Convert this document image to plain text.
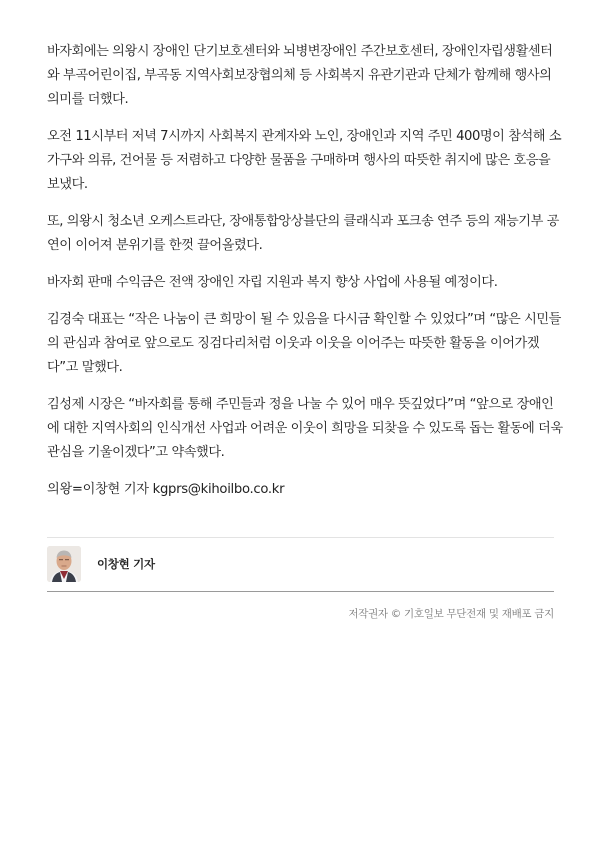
바자회에는 의왕시 장애인 단기보호센터와 뇌병변장애인 주간보호센터, 장애인자립생활센터
와 부곡어린이집, 부곡동 지역사회보장협의체 등 사회복지 유관기관과 단체가 함께해 행사의
의미를 더했다.

오전 11시부터 저녁 7시까지 사회복지 관계자와 노인, 장애인과 지역 주민 400명이 참석해 소
가구와 의류, 건어물 등 저렴하고 다양한 물품을 구매하며 행사의 따뜻한 취지에 많은 호응을
보냈다.

또, 의왕시 청소년 오케스트라단, 장애통합앙상블단의 클래식과 포크송 연주 등의 재능기부 공
연이 이어져 분위기를 한껏 끌어올렸다.

바자회 판매 수익금은 전액 장애인 자립 지원과 복지 향상 사업에 사용될 예정이다.

김경숙 대표는 “작은 나눔이 큰 희망이 될 수 있음을 다시금 확인할 수 있었다”며 “많은 시민들
의 관심과 참여로 앞으로도 징검다리처럼 이웃과 이웃을 이어주는 따뜻한 활동을 이어가겠
다”고 말했다.

김성제 시장은 “바자회를 통해 주민들과 정을 나눌 수 있어 매우 뜻깊었다”며 “앞으로 장애인
에 대한 지역사회의 인식개선 사업과 어려운 이웃이 희망을 되찾을 수 있도록 돕는 활동에 더욱
관심을 기울이겠다”고 약속했다.

의왕=이창현 기자 kgprs@kihoilbo.co.kr

이창현 기자
저작권자 © 기호일보 무단전재 및 재배포 금지
